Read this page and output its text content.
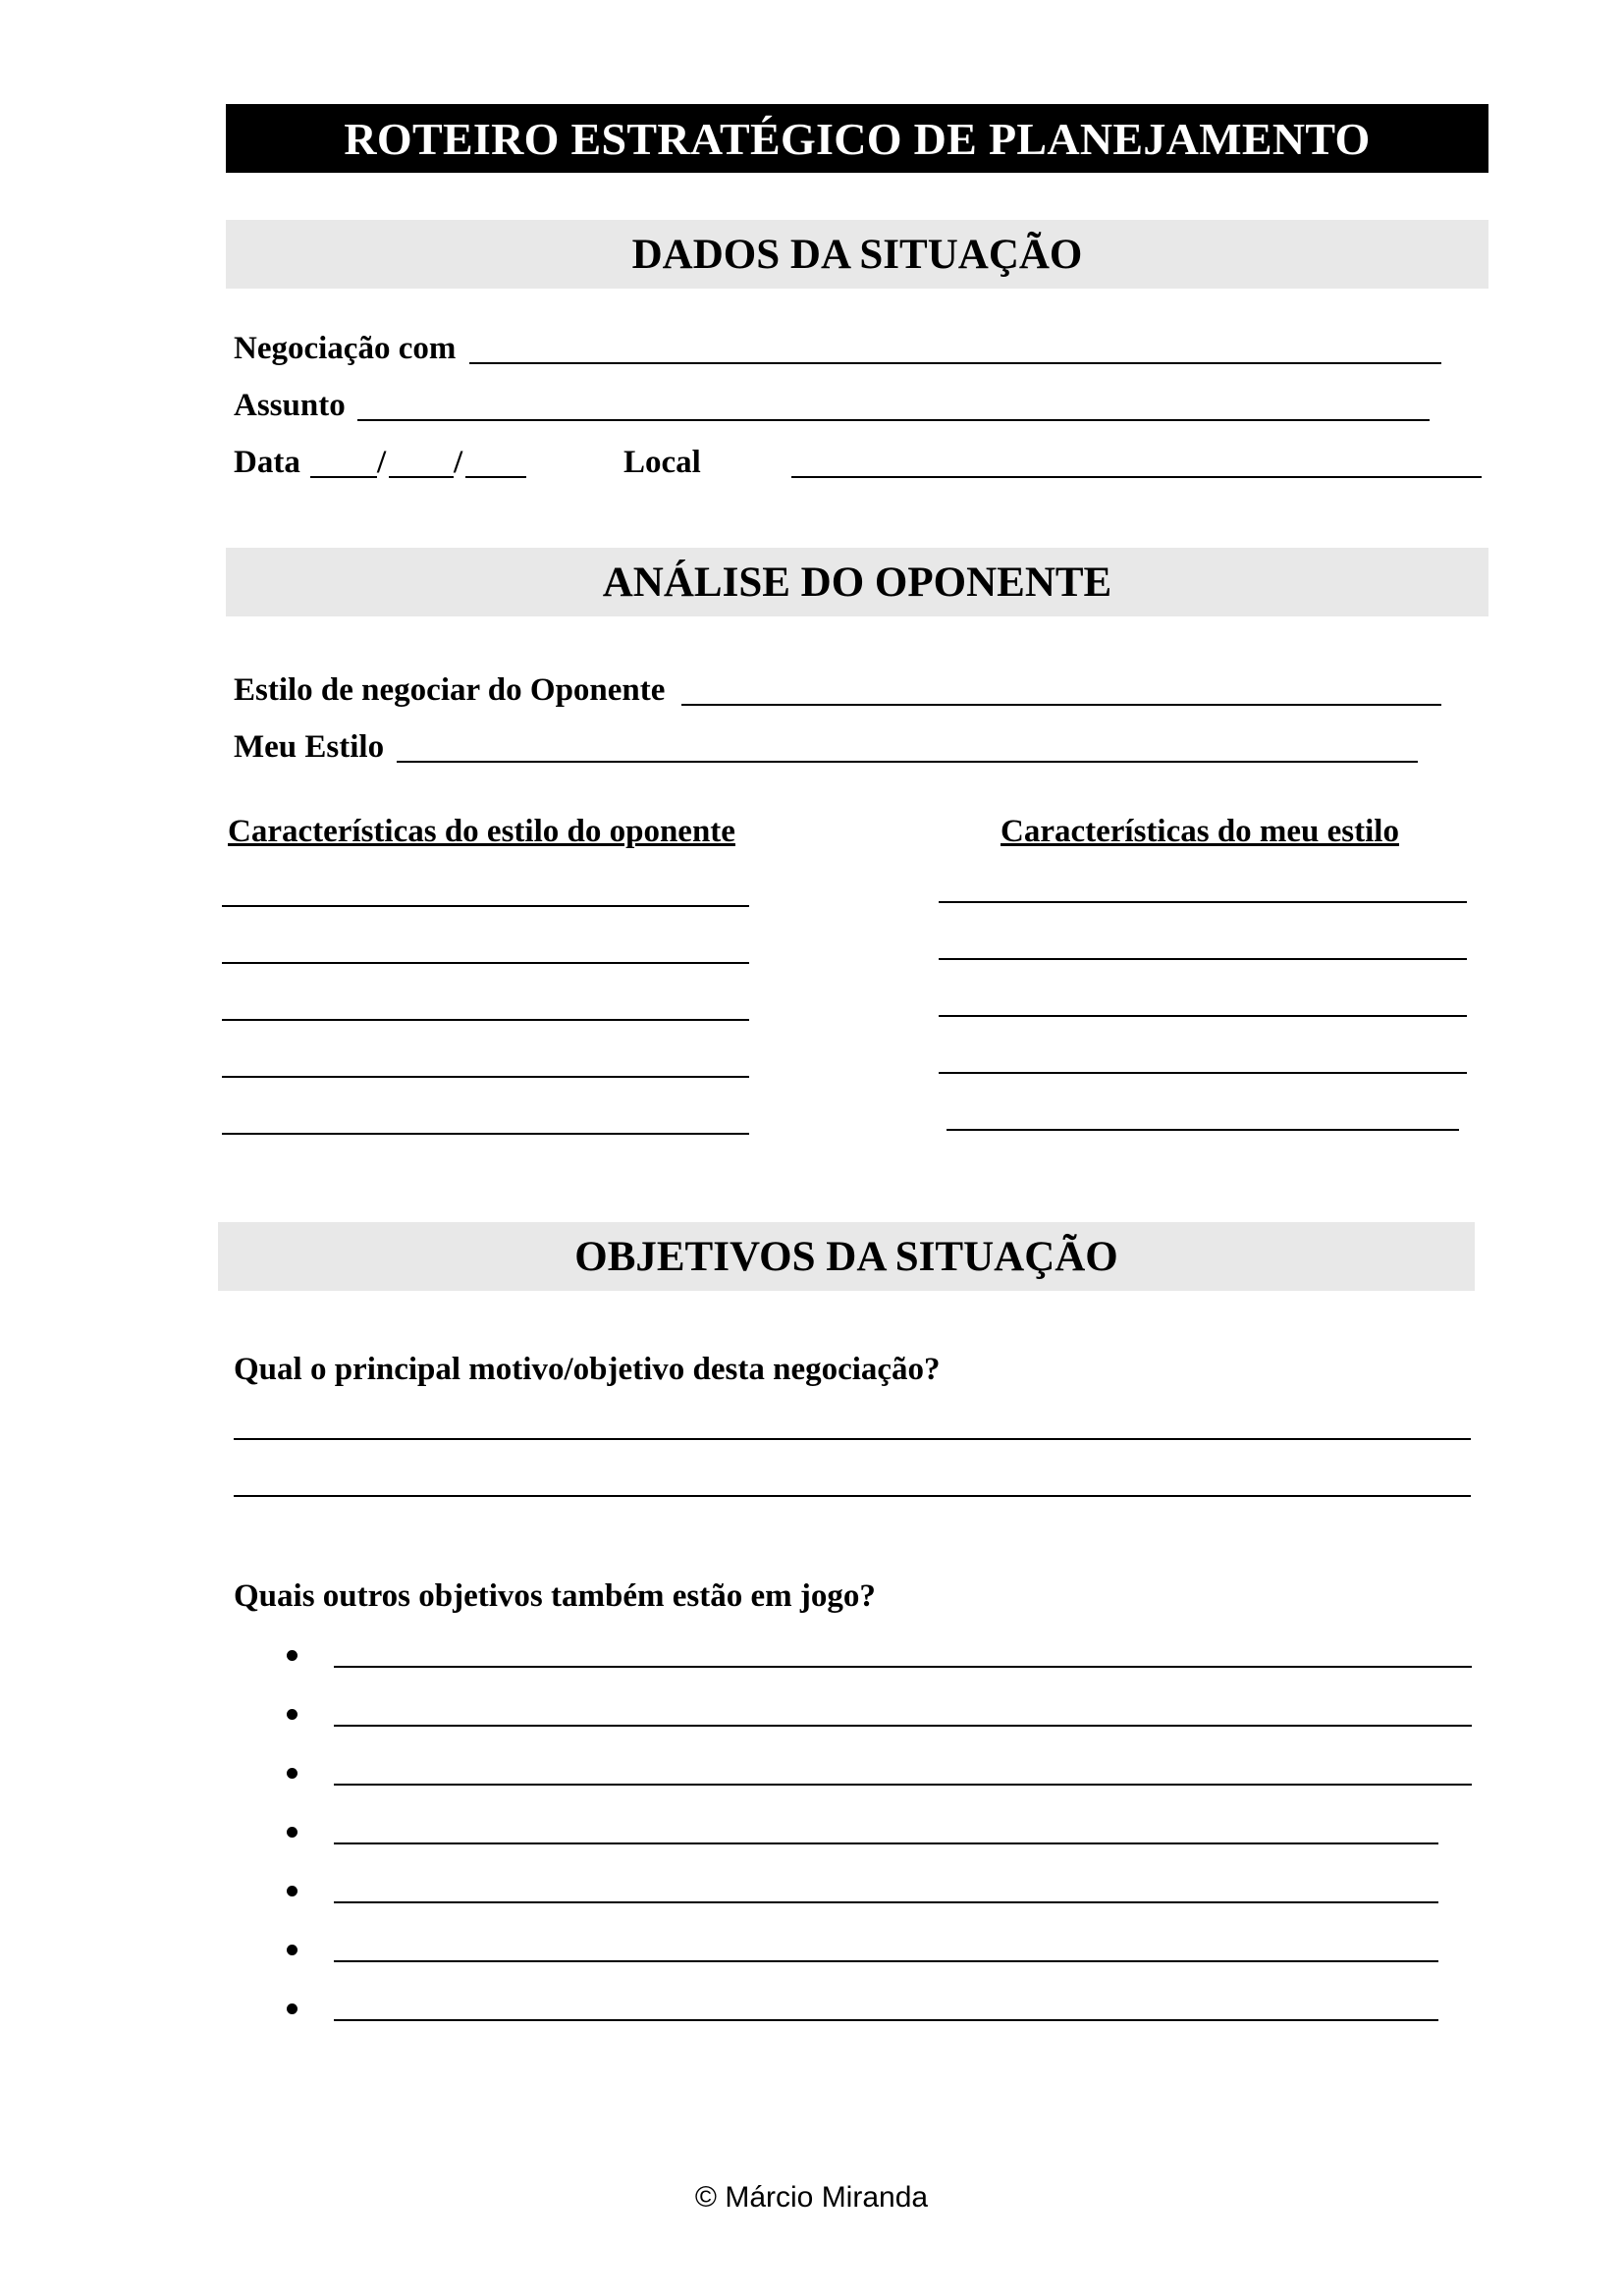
ROTEIRO ESTRATÉGICO DE PLANEJAMENTO
DADOS DA SITUAÇÃO
Negociação com
Assunto
Data / /	Local
ANÁLISE DO OPONENTE
Estilo de negociar do Oponente
Meu Estilo
Características do estilo do oponente	Características do meu estilo
OBJETIVOS DA SITUAÇÃO
Qual o principal motivo/objetivo desta negociação?
Quais outros objetivos também estão em jogo?
© Márcio Miranda
